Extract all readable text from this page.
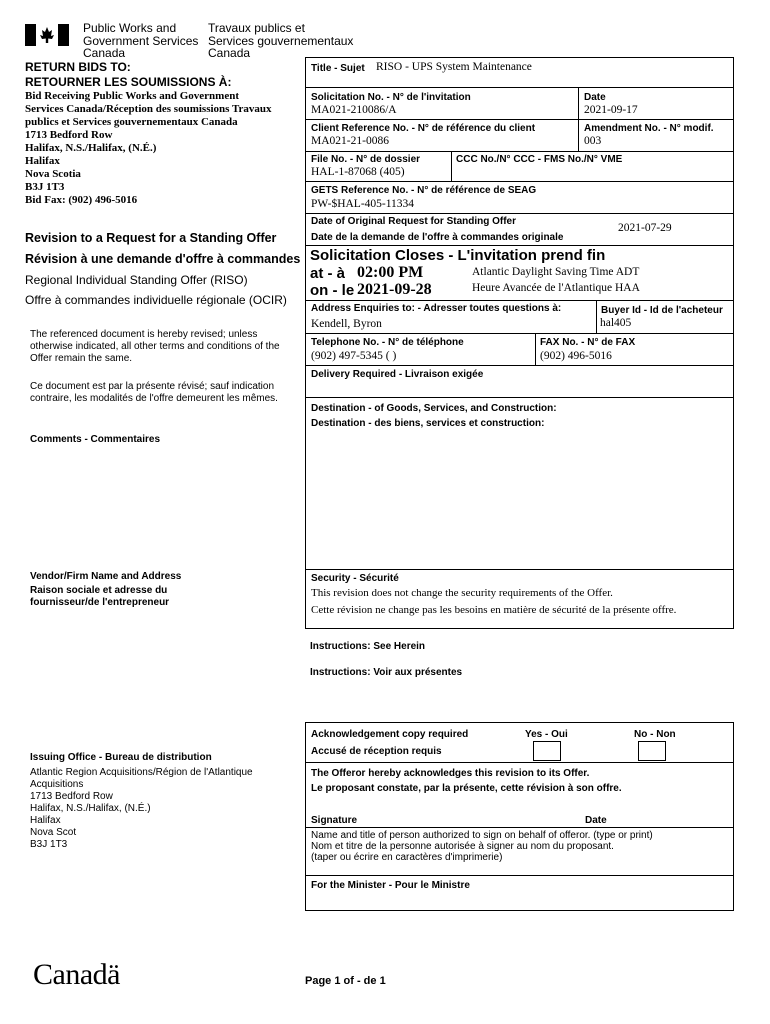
Public Works and
Government Services
Canada
Travaux publics et
Services gouvernementaux
Canada
RETURN BIDS TO:
RETOURNER LES SOUMISSIONS À:
Bid Receiving Public Works and Government
Services Canada/Réception des soumissions Travaux
publics et Services gouvernementaux Canada
1713 Bedford Row
Halifax, N.S./Halifax, (N.É.)
Halifax
Nova Scotia
B3J 1T3
Bid Fax: (902) 496-5016
Revision to a Request for a Standing Offer
Révision à une demande d'offre à commandes
Regional Individual Standing Offer (RISO)
Offre à commandes individuelle régionale (OCIR)
The referenced document is hereby revised; unless otherwise indicated, all other terms and conditions of the Offer remain the same.
Ce document est par la présente révisé; sauf indication contraire, les modalités de l'offre demeurent les mêmes.
Comments - Commentaires
Vendor/Firm Name and Address
Raison sociale et adresse du
fournisseur/de l'entrepreneur
Issuing Office - Bureau de distribution
Atlantic Region Acquisitions/Région de l'Atlantique
Acquisitions
1713 Bedford Row
Halifax, N.S./Halifax, (N.É.)
Halifax
Nova Scot
B3J 1T3
Title - Sujet RISO - UPS System Maintenance
Solicitation No. - N° de l'invitation
MA021-210086/A
Date
2021-09-17
Client Reference No. - N° de référence du client
MA021-21-0086
Amendment No. - N° modif.
003
File No. - N° de dossier
HAL-1-87068 (405)
CCC No./N° CCC - FMS No./N° VME
GETS Reference No. - N° de référence de SEAG
PW-$HAL-405-11334
Date of Original Request for Standing Offer
Date de la demande de l'offre à commandes originale
2021-07-29
Solicitation Closes - L'invitation prend fin
at - à 02:00 PM
on - le 2021-09-28
Atlantic Daylight Saving Time ADT
Heure Avancée de l'Atlantique HAA
Address Enquiries to: - Adresser toutes questions à:
Kendell, Byron
Buyer Id - Id de l'acheteur
hal405
Telephone No. - N° de téléphone
(902) 497-5345 ( )
FAX No. - N° de FAX
(902) 496-5016
Delivery Required - Livraison exigée
Destination - of Goods, Services, and Construction:
Destination - des biens, services et construction:
Security - Sécurité
This revision does not change the security requirements of the Offer.
Cette révision ne change pas les besoins en matière de sécurité de la présente offre.
Instructions: See Herein
Instructions: Voir aux présentes
Acknowledgement copy required
Accusé de réception requis
Yes - Oui	No - Non
The Offeror hereby acknowledges this revision to its Offer.
Le proposant constate, par la présente, cette révision à son offre.
Signature	Date
Name and title of person authorized to sign on behalf of offeror. (type or print)
Nom et titre de la personne autorisée à signer au nom du proposant.
(taper ou écrire en caractères d'imprimerie)
For the Minister - Pour le Ministre
Canadä	Page 1 of - de 1
